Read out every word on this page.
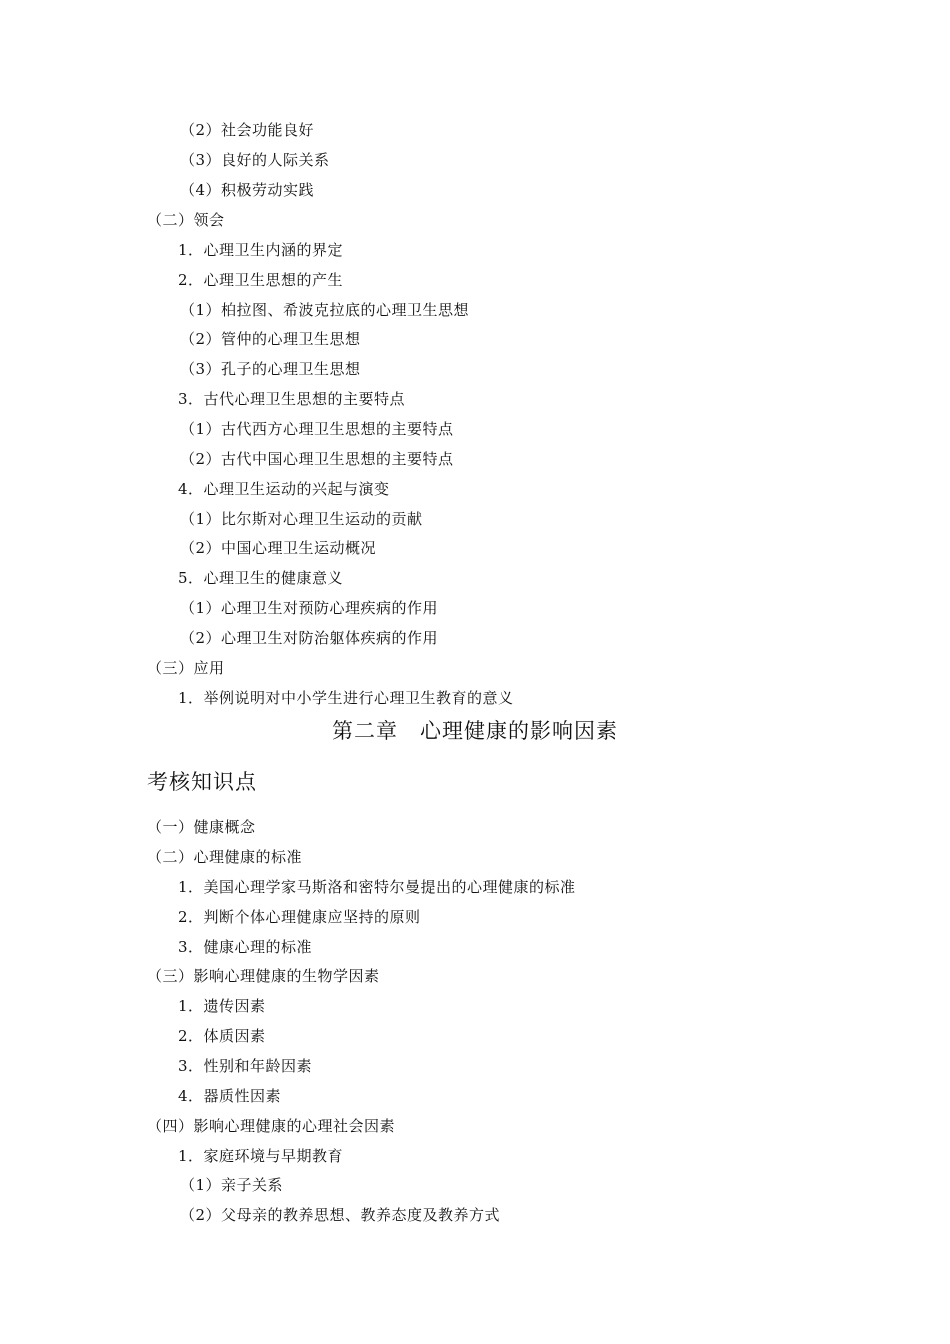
（2）社会功能良好
（3）良好的人际关系
（4）积极劳动实践
（二）领会
1．心理卫生内涵的界定
2．心理卫生思想的产生
（1）柏拉图、希波克拉底的心理卫生思想
（2）管仲的心理卫生思想
（3）孔子的心理卫生思想
3．古代心理卫生思想的主要特点
（1）古代西方心理卫生思想的主要特点
（2）古代中国心理卫生思想的主要特点
4．心理卫生运动的兴起与演变
（1）比尔斯对心理卫生运动的贡献
（2）中国心理卫生运动概况
5．心理卫生的健康意义
（1）心理卫生对预防心理疾病的作用
（2）心理卫生对防治躯体疾病的作用
（三）应用
1．举例说明对中小学生进行心理卫生教育的意义
第二章　心理健康的影响因素
考核知识点
（一）健康概念
（二）心理健康的标准
1．美国心理学家马斯洛和密特尔曼提出的心理健康的标准
2．判断个体心理健康应坚持的原则
3．健康心理的标准
（三）影响心理健康的生物学因素
1．遗传因素
2．体质因素
3．性别和年龄因素
4．器质性因素
（四）影响心理健康的心理社会因素
1．家庭环境与早期教育
（1）亲子关系
（2）父母亲的教养思想、教养态度及教养方式
